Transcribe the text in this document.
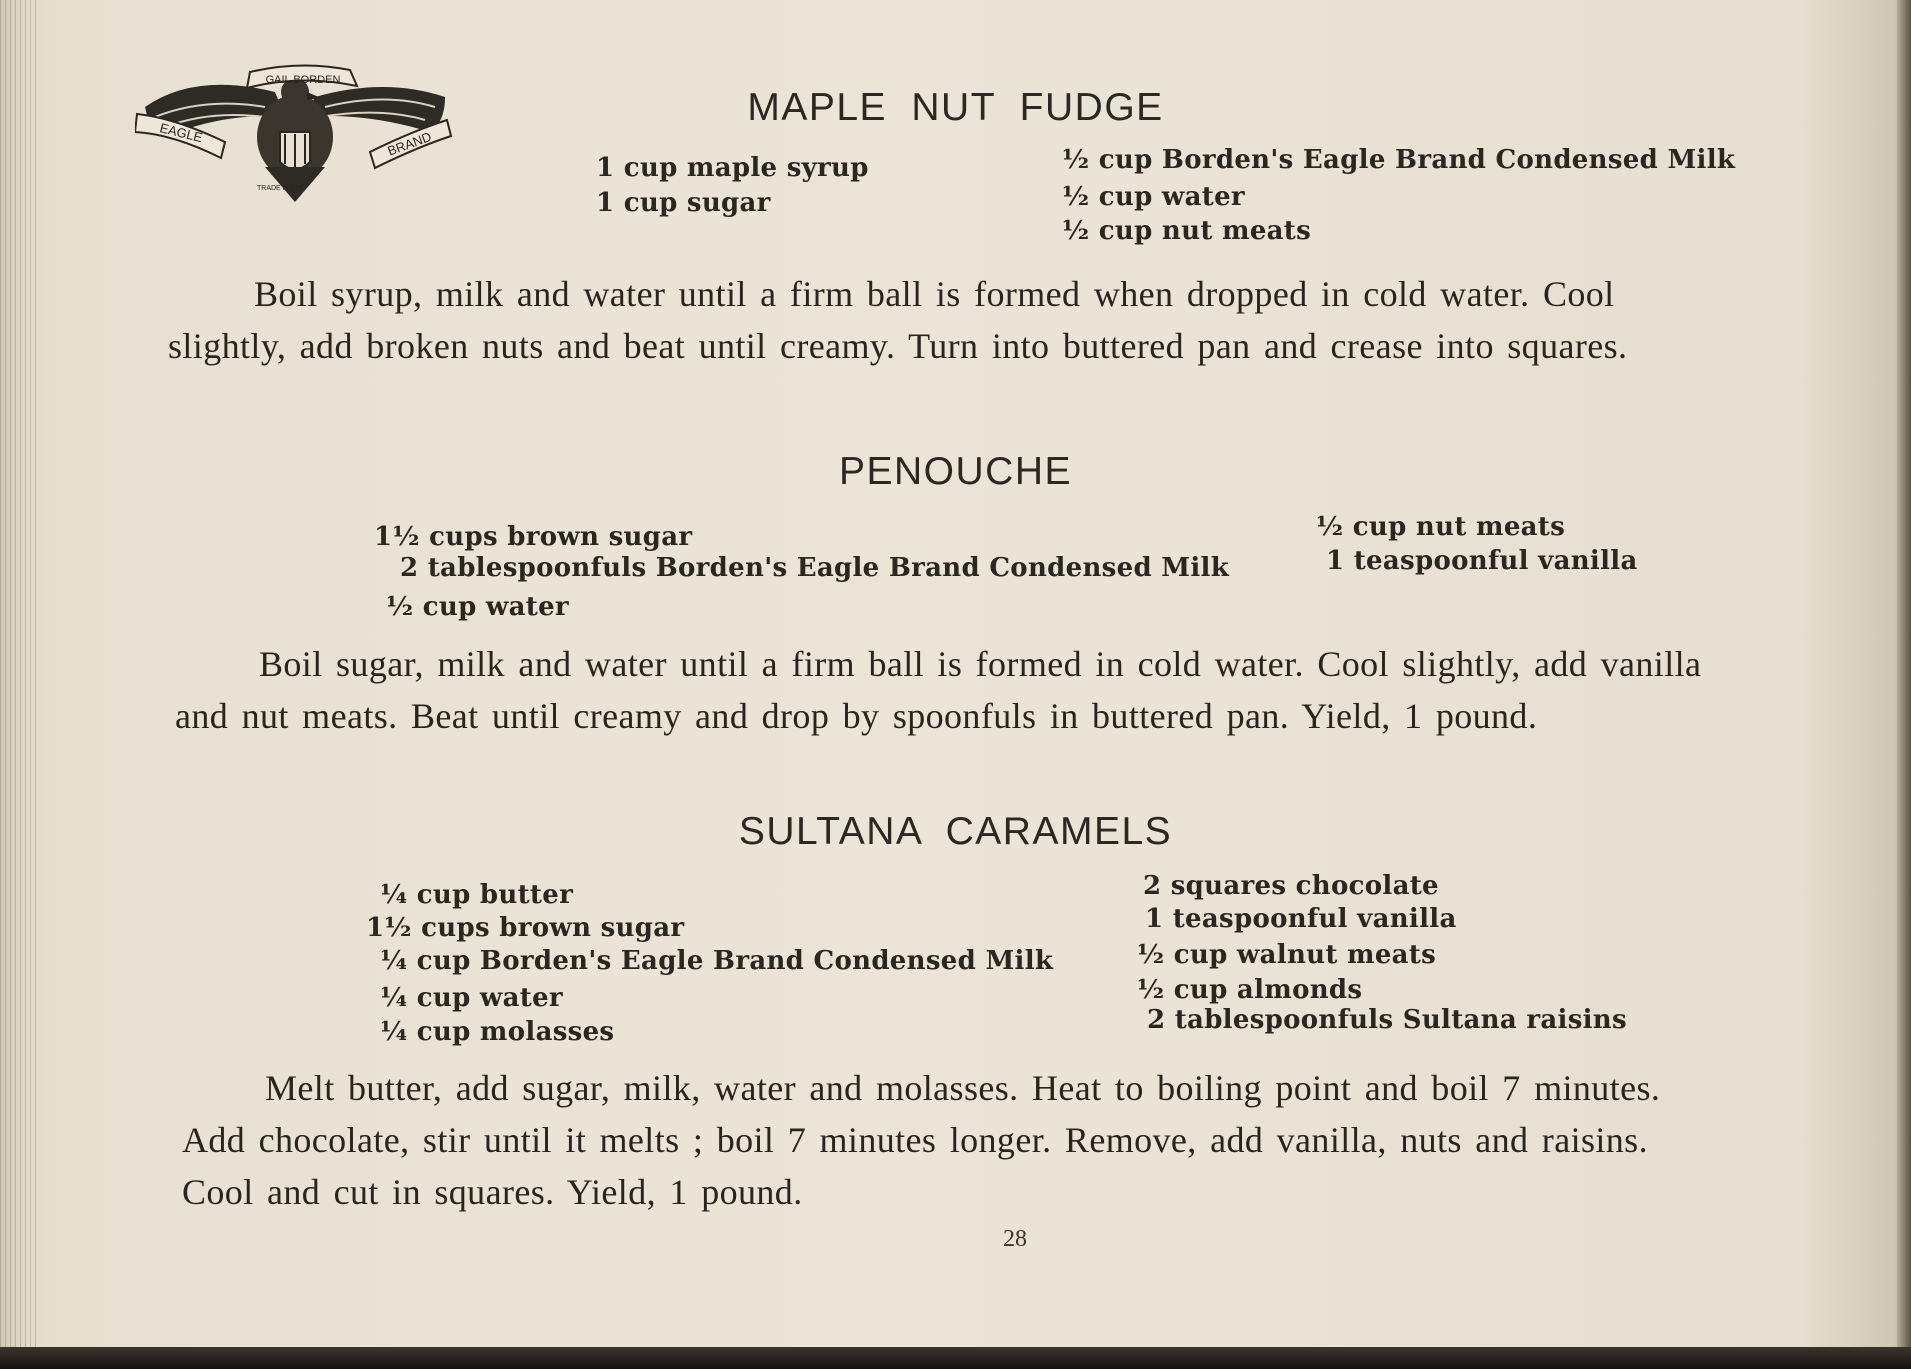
GAIL BORDEN
EAGLE	BRAND
TRADE MARK
MAPLE NUT FUDGE
1 cup maple syrup
1 cup sugar
½ cup Borden's Eagle Brand Condensed Milk
½ cup water
½ cup nut meats
Boil syrup, milk and water until a firm ball is formed when dropped in cold water. Cool
slightly, add broken nuts and beat until creamy. Turn into buttered pan and crease into squares.
PENOUCHE
1½ cups brown sugar
2 tablespoonfuls Borden's Eagle Brand Condensed Milk
½ cup water
½ cup nut meats
1 teaspoonful vanilla
Boil sugar, milk and water until a firm ball is formed in cold water. Cool slightly, add vanilla
and nut meats. Beat until creamy and drop by spoonfuls in buttered pan. Yield, 1 pound.
SULTANA CARAMELS
¼ cup butter
1½ cups brown sugar
¼ cup Borden's Eagle Brand Condensed Milk
¼ cup water
¼ cup molasses
2 squares chocolate
1 teaspoonful vanilla
½ cup walnut meats
½ cup almonds
2 tablespoonfuls Sultana raisins
Melt butter, add sugar, milk, water and molasses. Heat to boiling point and boil 7 minutes.
Add chocolate, stir until it melts ; boil 7 minutes longer. Remove, add vanilla, nuts and raisins.
Cool and cut in squares. Yield, 1 pound.
28
